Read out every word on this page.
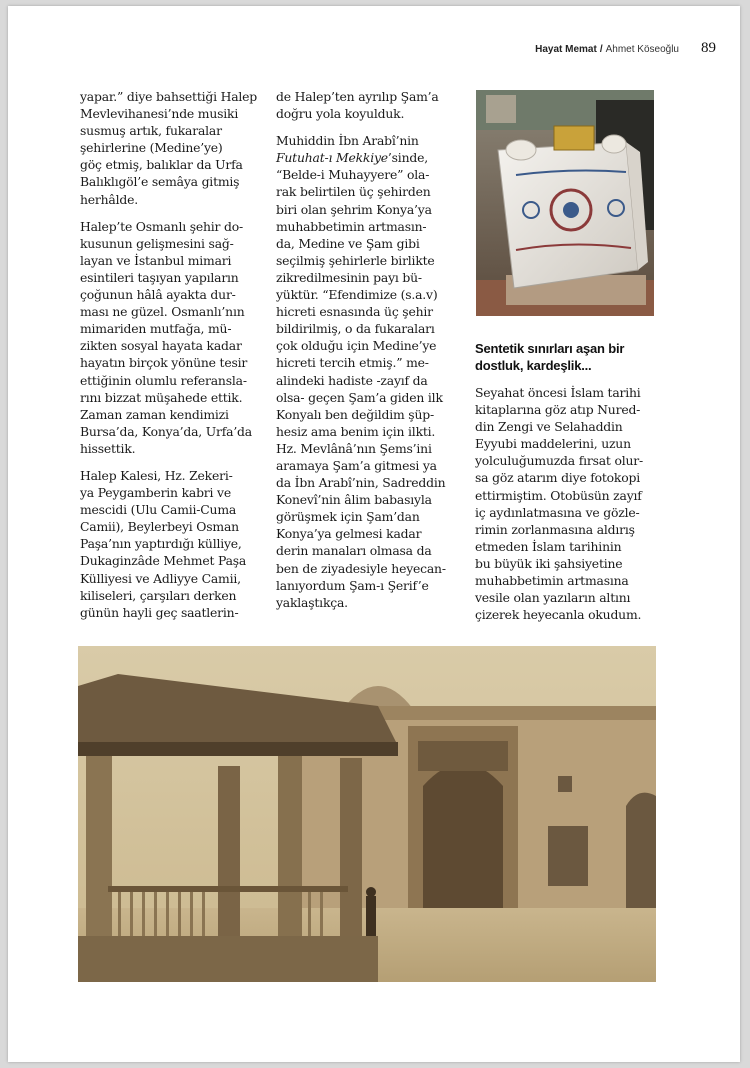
Hayat Memat / Ahmet Köseoğlu 89

yapar.” diye bahsettiği Halep
Mevlevihanesi’nde musiki
susmuş artık, fukaralar
şehirlerine (Medine’ye)
göç etmiş, balıklar da Urfa
Balıklıgöl’e semâya gitmiş
herhâlde.

Halep’te Osmanlı şehir do-
kusunun gelişmesini sağ-
layan ve İstanbul mimari
esintileri taşıyan yapıların
çoğunun hâlâ ayakta dur-
ması ne güzel. Osmanlı’nın
mimariden mutfağa, mü-
zikten sosyal hayata kadar
hayatın birçok yönüne tesir
ettiğinin olumlu referansla-
rını bizzat müşahede ettik.
Zaman zaman kendimizi
Bursa’da, Konya’da, Urfa’da
hissettik.

Halep Kalesi, Hz. Zekeri-
ya Peygamberin kabri ve
mescidi (Ulu Camii-Cuma
Camii), Beylerbeyi Osman
Paşa’nın yaptırdığı külliye,
Dukaginzâde Mehmet Paşa
Külliyesi ve Adliyye Camii,
kiliseleri, çarşıları derken
günün hayli geç saatlerin-

de Halep’ten ayrılıp Şam’a
doğru yola koyulduk.

Muhiddin İbn Arabî’nin
Futuhat-ı Mekkiye’sinde,
“Belde-i Muhayyere” ola-
rak belirtilen üç şehirden
biri olan şehrim Konya’ya
muhabbetimin artmasın-
da, Medine ve Şam gibi
seçilmiş şehirlerle birlikte
zikredilmesinin payı bü-
yüktür. “Efendimize (s.a.v)
hicreti esnasında üç şehir
bildirilmiş, o da fukaraları
çok olduğu için Medine’ye
hicreti tercih etmiş.” me-
alindeki hadiste -zayıf da
olsa- geçen Şam’a giden ilk
Konyalı ben değildim şüp-
hesiz ama benim için ilkti.
Hz. Mevlânâ’nın Şems’ini
aramaya Şam’a gitmesi ya
da İbn Arabî’nin, Sadreddin
Konevî’nin âlim babasıyla
görüşmek için Şam’dan
Konya’ya gelmesi kadar
derin manaları olmasa da
ben de ziyadesiyle heyecan-
lanıyordum Şam-ı Şerif’e
yaklaştıkça.

Sentetik sınırları aşan bir
dostluk, kardeşlik...

Seyahat öncesi İslam tarihi
kitaplarına göz atıp Nured-
din Zengi ve Selahaddin
Eyyubi maddelerini, uzun
yolculuğumuzda fırsat olur-
sa göz atarım diye fotokopi
ettirmiştim. Otobüsün zayıf
iç aydınlatmasına ve gözle-
rimin zorlanmasına aldırış
etmeden İslam tarihinin
bu büyük iki şahsiyetine
muhabbetimin artmasına
vesile olan yazıların altını
çizerek heyecanla okudum.
